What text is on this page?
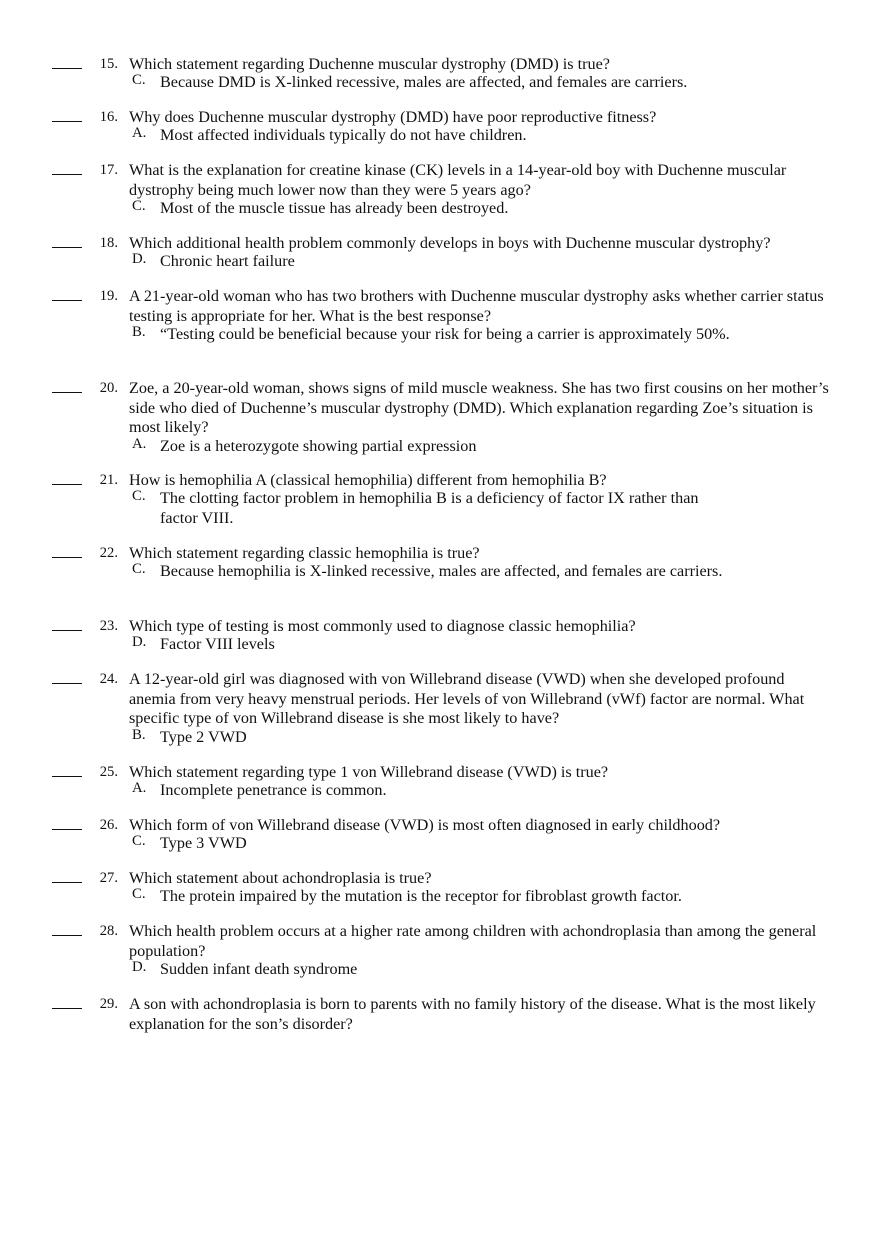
15. Which statement regarding Duchenne muscular dystrophy (DMD) is true?
C. Because DMD is X-linked recessive, males are affected, and females are carriers.
16. Why does Duchenne muscular dystrophy (DMD) have poor reproductive fitness?
A. Most affected individuals typically do not have children.
17. What is the explanation for creatine kinase (CK) levels in a 14-year-old boy with Duchenne muscular dystrophy being much lower now than they were 5 years ago?
C. Most of the muscle tissue has already been destroyed.
18. Which additional health problem commonly develops in boys with Duchenne muscular dystrophy?
D. Chronic heart failure
19. A 21-year-old woman who has two brothers with Duchenne muscular dystrophy asks whether carrier status testing is appropriate for her. What is the best response?
B. “Testing could be beneficial because your risk for being a carrier is approximately 50%.
20. Zoe, a 20-year-old woman, shows signs of mild muscle weakness. She has two first cousins on her mother’s side who died of Duchenne’s muscular dystrophy (DMD). Which explanation regarding Zoe’s situation is most likely?
A. Zoe is a heterozygote showing partial expression
21. How is hemophilia A (classical hemophilia) different from hemophilia B?
C. The clotting factor problem in hemophilia B is a deficiency of factor IX rather than factor VIII.
22. Which statement regarding classic hemophilia is true?
C. Because hemophilia is X-linked recessive, males are affected, and females are carriers.
23. Which type of testing is most commonly used to diagnose classic hemophilia?
D. Factor VIII levels
24. A 12-year-old girl was diagnosed with von Willebrand disease (VWD) when she developed profound anemia from very heavy menstrual periods. Her levels of von Willebrand (vWf) factor are normal. What specific type of von Willebrand disease is she most likely to have?
B. Type 2 VWD
25. Which statement regarding type 1 von Willebrand disease (VWD) is true?
A. Incomplete penetrance is common.
26. Which form of von Willebrand disease (VWD) is most often diagnosed in early childhood?
C. Type 3 VWD
27. Which statement about achondroplasia is true?
C. The protein impaired by the mutation is the receptor for fibroblast growth factor.
28. Which health problem occurs at a higher rate among children with achondroplasia than among the general population?
D. Sudden infant death syndrome
29. A son with achondroplasia is born to parents with no family history of the disease. What is the most likely explanation for the son’s disorder?
